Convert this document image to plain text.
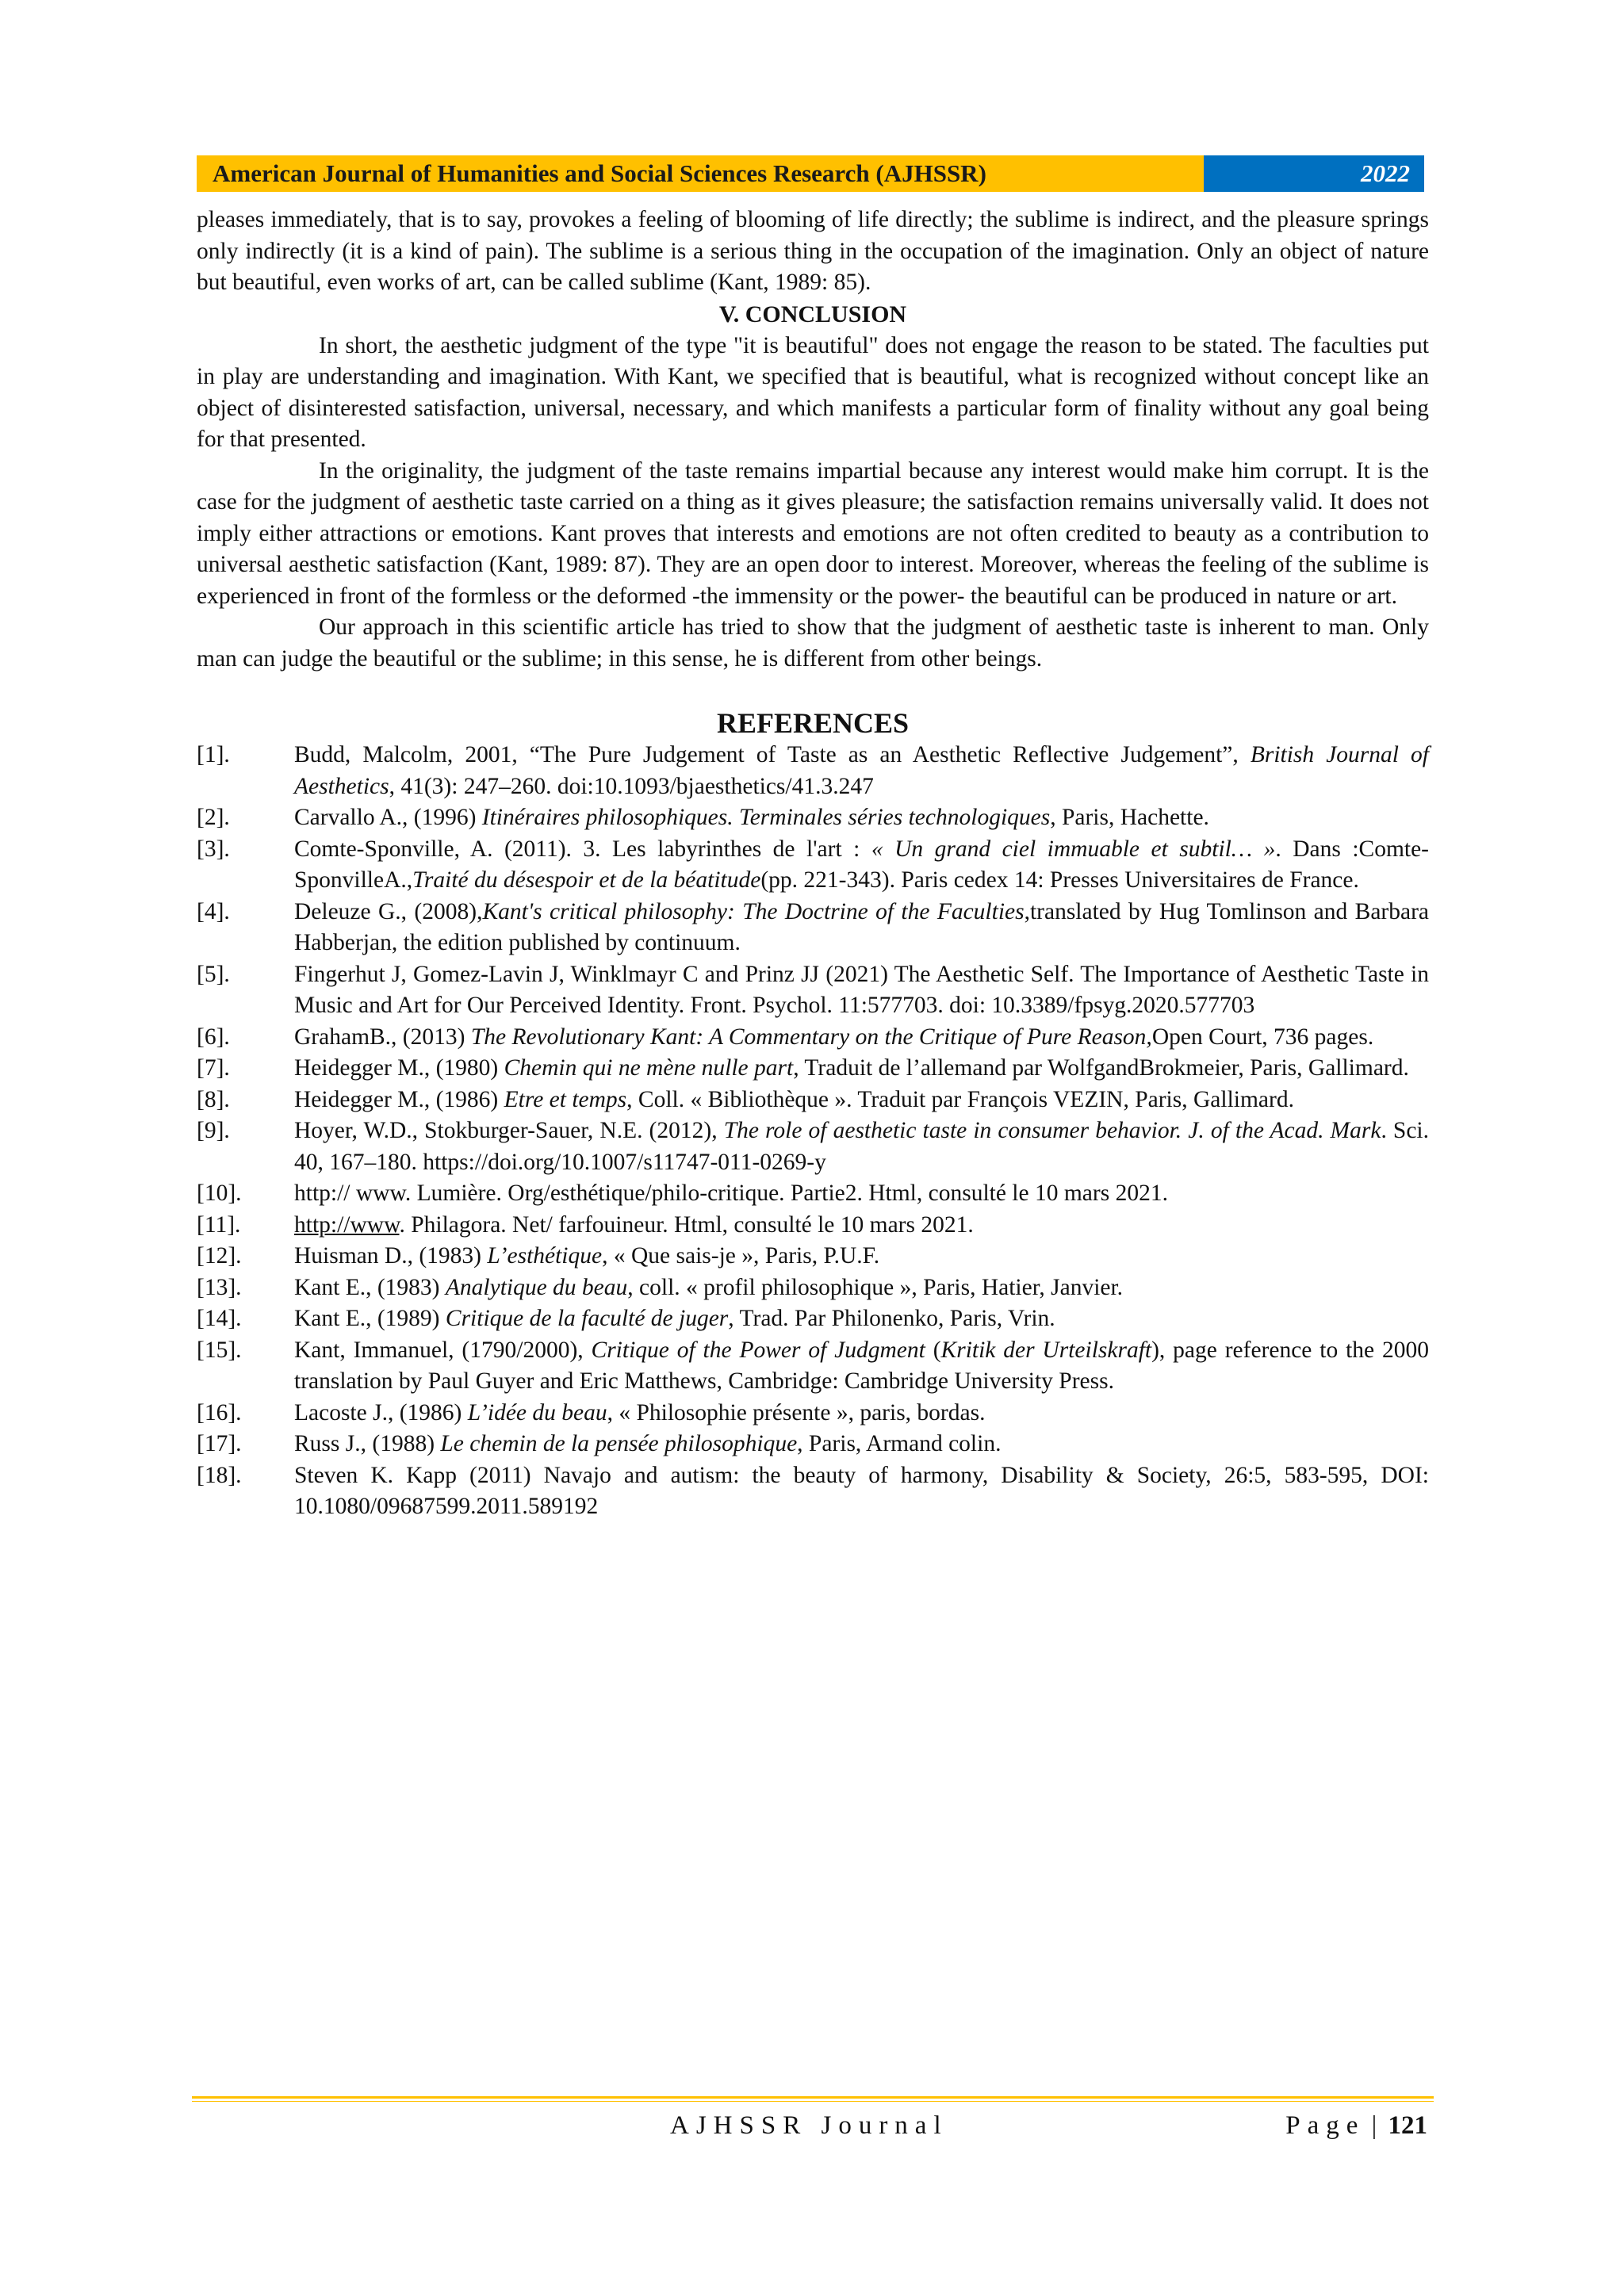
American Journal of Humanities and Social Sciences Research (AJHSSR)	2022

pleases immediately, that is to say, provokes a feeling of blooming of life directly; the sublime is indirect, and the pleasure springs only indirectly (it is a kind of pain). The sublime is a serious thing in the occupation of the imagination. Only an object of nature but beautiful, even works of art, can be called sublime (Kant, 1989: 85).

V. CONCLUSION

In short, the aesthetic judgment of the type "it is beautiful" does not engage the reason to be stated. The faculties put in play are understanding and imagination. With Kant, we specified that is beautiful, what is recognized without concept like an object of disinterested satisfaction, universal, necessary, and which manifests a particular form of finality without any goal being for that presented.

In the originality, the judgment of the taste remains impartial because any interest would make him corrupt. It is the case for the judgment of aesthetic taste carried on a thing as it gives pleasure; the satisfaction remains universally valid. It does not imply either attractions or emotions. Kant proves that interests and emotions are not often credited to beauty as a contribution to universal aesthetic satisfaction (Kant, 1989: 87). They are an open door to interest. Moreover, whereas the feeling of the sublime is experienced in front of the formless or the deformed -the immensity or the power- the beautiful can be produced in nature or art.

Our approach in this scientific article has tried to show that the judgment of aesthetic taste is inherent to man. Only man can judge the beautiful or the sublime; in this sense, he is different from other beings.

REFERENCES
[1].	Budd, Malcolm, 2001, “The Pure Judgement of Taste as an Aesthetic Reflective Judgement”, British Journal of Aesthetics, 41(3): 247–260. doi:10.1093/bjaesthetics/41.3.247
[2].	Carvallo A., (1996) Itinéraires philosophiques. Terminales séries technologiques, Paris, Hachette.
[3].	Comte-Sponville, A. (2011). 3. Les labyrinthes de l'art : « Un grand ciel immuable et subtil… ». Dans :Comte-SponvilleA.,Traité du désespoir et de la béatitude(pp. 221-343). Paris cedex 14: Presses Universitaires de France.
[4].	Deleuze G., (2008),Kant's critical philosophy: The Doctrine of the Faculties,translated by Hug Tomlinson and Barbara Habberjan, the edition published by continuum.
[5].	Fingerhut J, Gomez-Lavin J, Winklmayr C and Prinz JJ (2021) The Aesthetic Self. The Importance of Aesthetic Taste in Music and Art for Our Perceived Identity. Front. Psychol. 11:577703. doi: 10.3389/fpsyg.2020.577703
[6].	GrahamB., (2013) The Revolutionary Kant: A Commentary on the Critique of Pure Reason,Open Court, 736 pages.
[7].	Heidegger M., (1980) Chemin qui ne mène nulle part, Traduit de l’allemand par WolfgandBrokmeier, Paris, Gallimard.
[8].	Heidegger M., (1986) Etre et temps, Coll. « Bibliothèque ». Traduit par François VEZIN, Paris, Gallimard.
[9].	Hoyer, W.D., Stokburger-Sauer, N.E. (2012), The role of aesthetic taste in consumer behavior. J. of the Acad. Mark. Sci. 40, 167–180. https://doi.org/10.1007/s11747-011-0269-y
[10].	http:// www. Lumière. Org/esthétique/philo-critique. Partie2. Html, consulté le 10 mars 2021.
[11].	http://www. Philagora. Net/ farfouineur. Html, consulté le 10 mars 2021.
[12].	Huisman D., (1983) L’esthétique, « Que sais-je », Paris, P.U.F.
[13].	Kant E., (1983) Analytique du beau, coll. « profil philosophique », Paris, Hatier, Janvier.
[14].	Kant E., (1989) Critique de la faculté de juger, Trad. Par Philonenko, Paris, Vrin.
[15].	Kant, Immanuel, (1790/2000), Critique of the Power of Judgment (Kritik der Urteilskraft), page reference to the 2000 translation by Paul Guyer and Eric Matthews, Cambridge: Cambridge University Press.
[16].	Lacoste J., (1986) L’idée du beau, « Philosophie présente », paris, bordas.
[17].	Russ J., (1988) Le chemin de la pensée philosophique, Paris, Armand colin.
[18].	Steven K. Kapp (2011) Navajo and autism: the beauty of harmony, Disability & Society, 26:5, 583-595, DOI: 10.1080/09687599.2011.589192
AJHSSR Journal	Page | 121
